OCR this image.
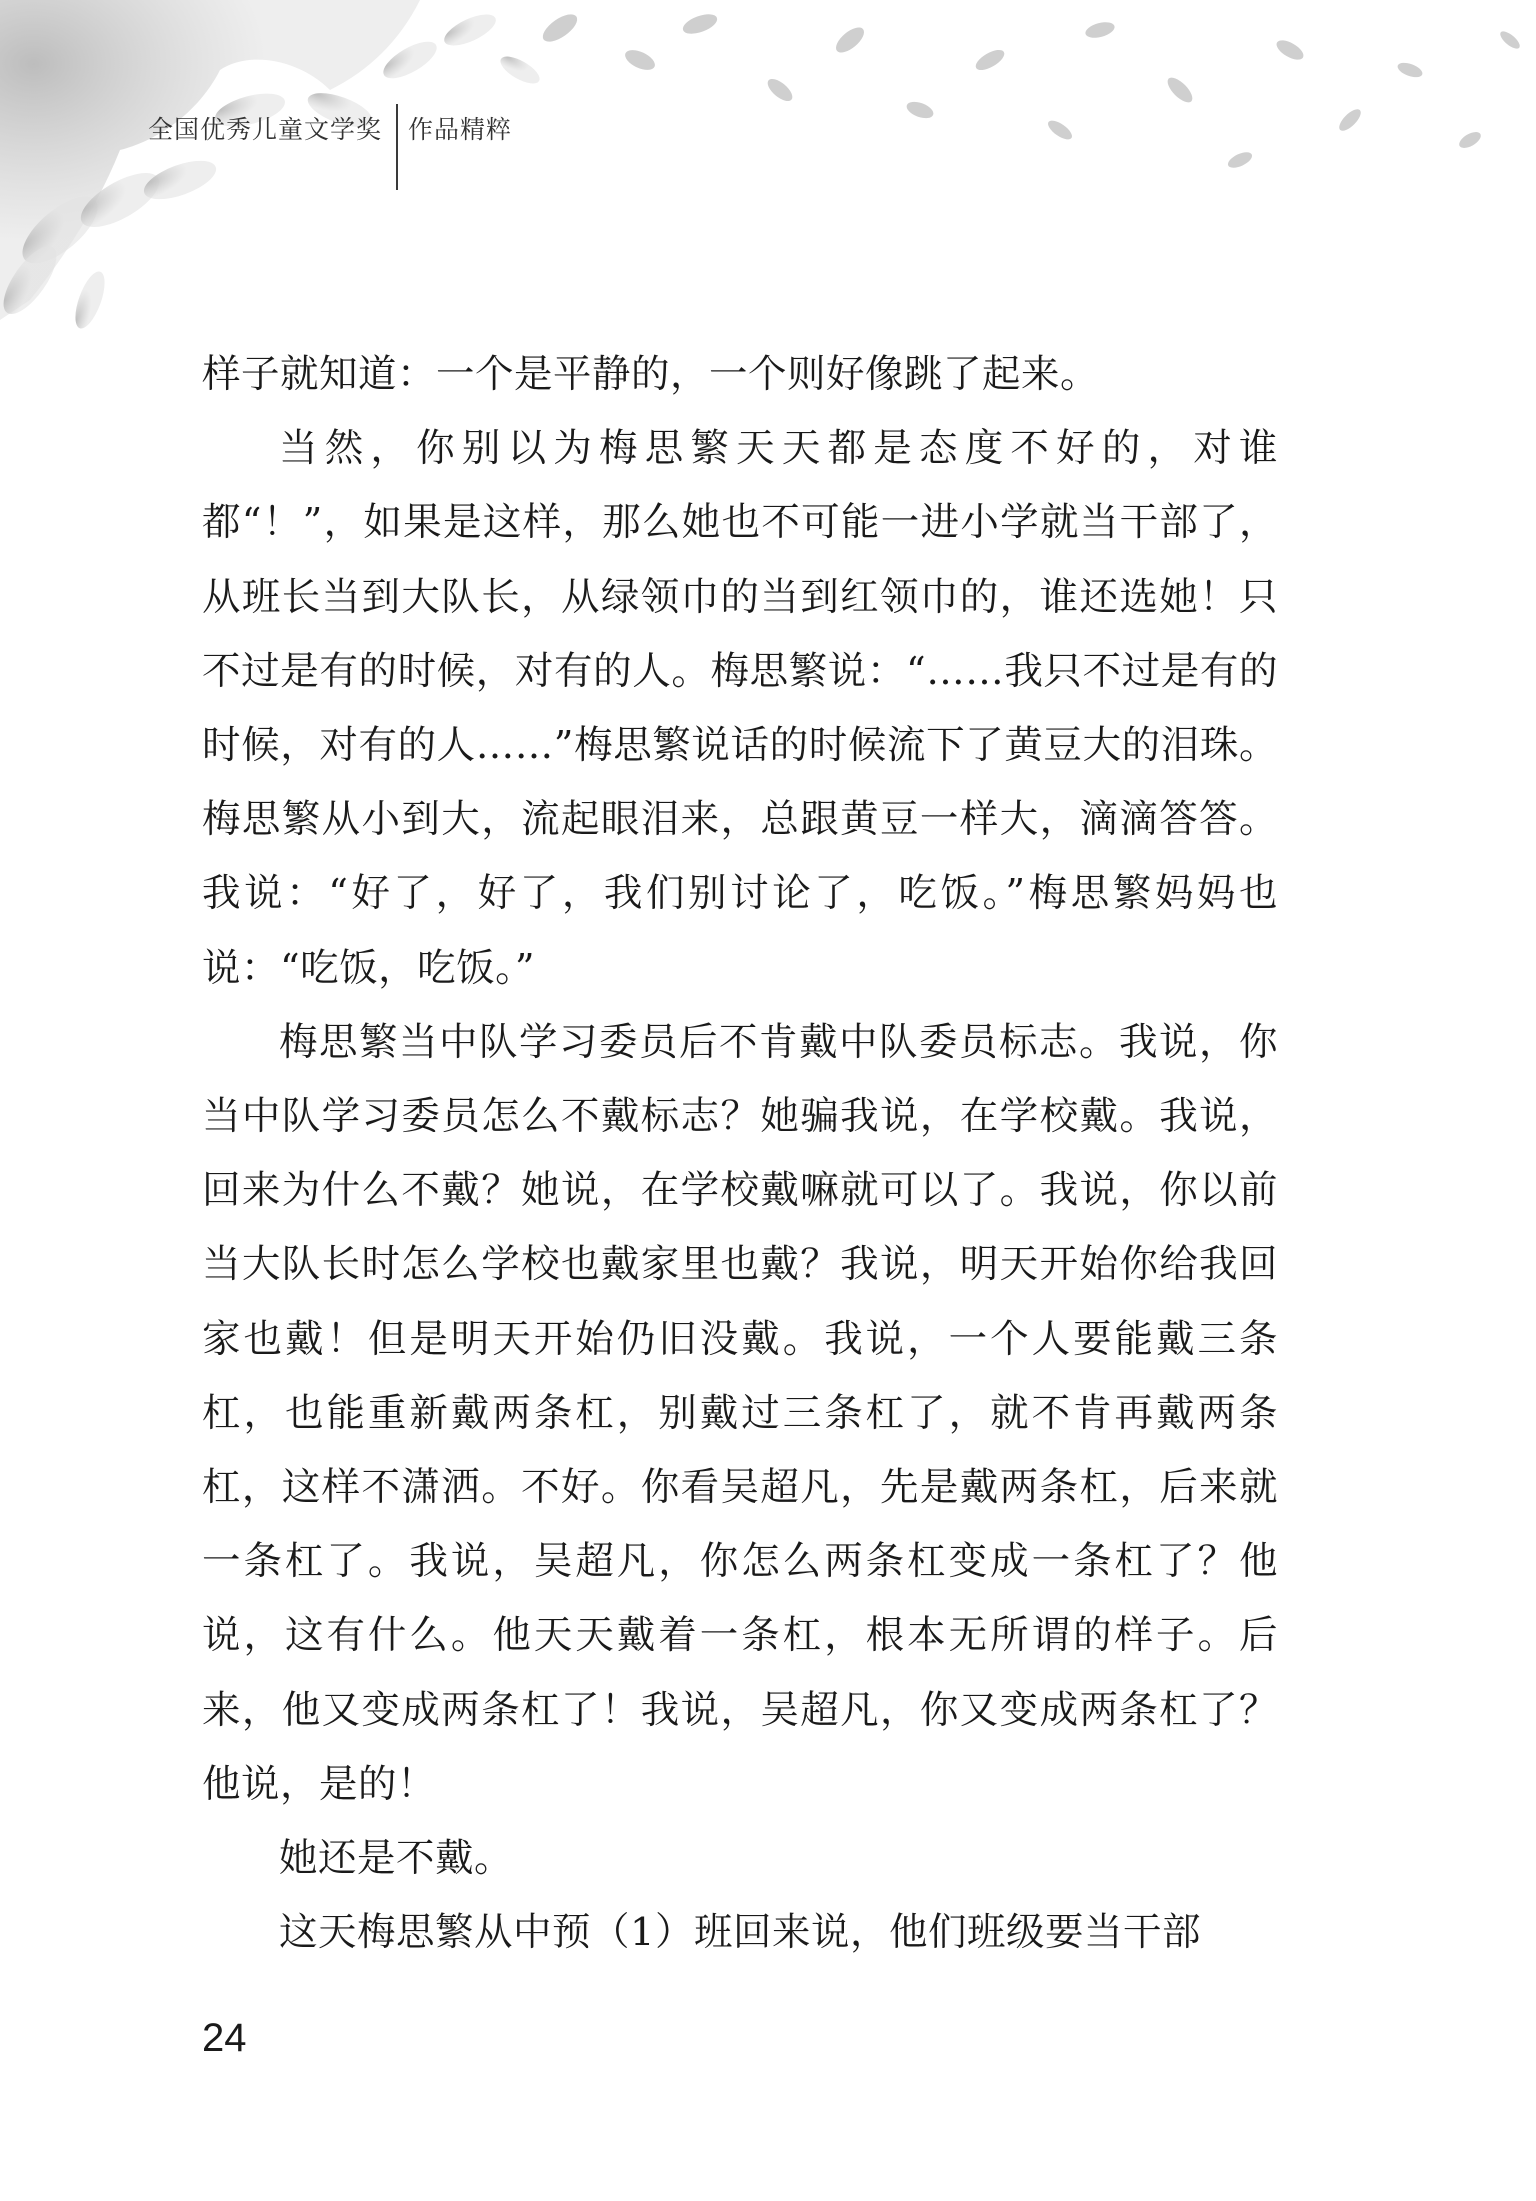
全国优秀儿童文学奖 作品精粹

样子就知道：一个是平静的，一个则好像跳了起来。

当然，你别以为梅思繁天天都是态度不好的，对谁都“！”，如果是这样，那么她也不可能一进小学就当干部了，从班长当到大队长，从绿领巾的当到红领巾的，谁还选她！只不过是有的时候，对有的人。梅思繁说：“……我只不过是有的时候，对有的人……”梅思繁说话的时候流下了黄豆大的泪珠。梅思繁从小到大，流起眼泪来，总跟黄豆一样大，滴滴答答。我说：“好了，好了，我们别讨论了，吃饭。”梅思繁妈妈也说：“吃饭，吃饭。”

梅思繁当中队学习委员后不肯戴中队委员标志。我说，你当中队学习委员怎么不戴标志？她骗我说，在学校戴。我说，回来为什么不戴？她说，在学校戴嘛就可以了。我说，你以前当大队长时怎么学校也戴家里也戴？我说，明天开始你给我回家也戴！但是明天开始仍旧没戴。我说，一个人要能戴三条杠，也能重新戴两条杠，别戴过三条杠了，就不肯再戴两条杠，这样不潇洒。不好。你看吴超凡，先是戴两条杠，后来就一条杠了。我说，吴超凡，你怎么两条杠变成一条杠了？他说，这有什么。他天天戴着一条杠，根本无所谓的样子。后来，他又变成两条杠了！我说，吴超凡，你又变成两条杠了？他说，是的！

她还是不戴。

这天梅思繁从中预（1）班回来说，他们班级要当干部

24
